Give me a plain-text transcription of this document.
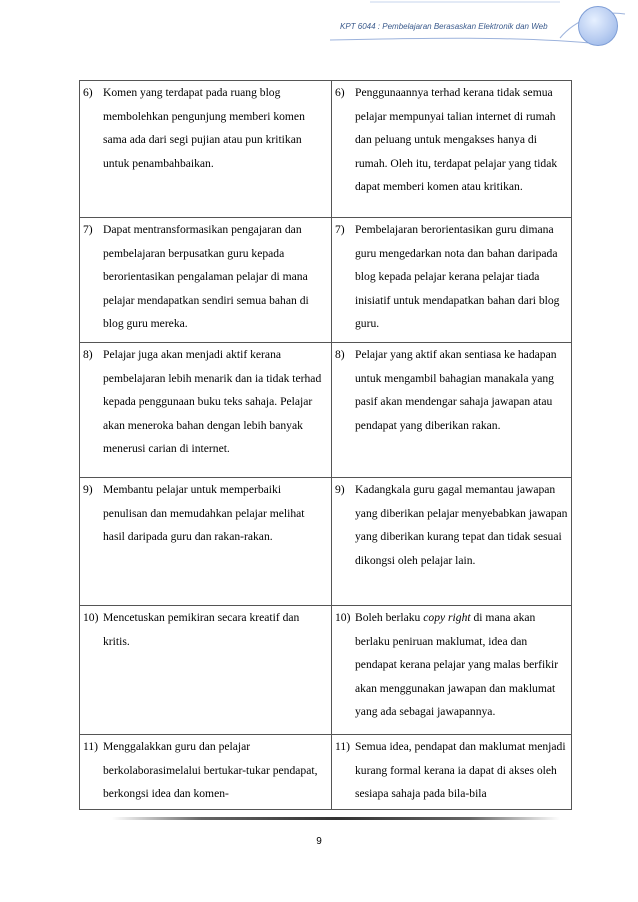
KPT 6044 : Pembelajaran Berasaskan Elektronik dan Web
6) Komen yang terdapat pada ruang blog membolehkan pengunjung memberi komen sama ada dari segi pujian atau pun kritikan untuk penambahbaikan.	6) Penggunaannya terhad kerana tidak semua pelajar mempunyai talian internet di rumah dan peluang untuk mengakses hanya di rumah. Oleh itu, terdapat pelajar yang tidak dapat memberi komen atau kritikan.

7) Dapat mentransformasikan pengajaran dan pembelajaran berpusatkan guru kepada berorientasikan pengalaman pelajar di mana pelajar mendapatkan sendiri semua bahan di blog guru mereka.	7) Pembelajaran berorientasikan guru dimana guru mengedarkan nota dan bahan daripada blog kepada pelajar kerana pelajar tiada inisiatif untuk mendapatkan bahan dari blog guru.

8) Pelajar juga akan menjadi aktif kerana pembelajaran lebih menarik dan ia tidak terhad kepada penggunaan buku teks sahaja. Pelajar akan meneroka bahan dengan lebih banyak menerusi carian di internet.	8) Pelajar yang aktif akan sentiasa ke hadapan untuk mengambil bahagian manakala yang pasif akan mendengar sahaja jawapan atau pendapat yang diberikan rakan.

9) Membantu pelajar untuk memperbaiki penulisan dan memudahkan pelajar melihat hasil daripada guru dan rakan-rakan.	9) Kadangkala guru gagal memantau jawapan yang diberikan pelajar menyebabkan jawapan yang diberikan kurang tepat dan tidak sesuai dikongsi oleh pelajar lain.

10) Mencetuskan pemikiran secara kreatif dan kritis.	10) Boleh berlaku copy right di mana akan berlaku peniruan maklumat, idea dan pendapat kerana pelajar yang malas berfikir akan menggunakan jawapan dan maklumat yang ada sebagai jawapannya.

11) Menggalakkan guru dan pelajar berkolaborasimelalui bertukar-tukar pendapat, berkongsi idea dan komen-	11) Semua idea, pendapat dan maklumat menjadi kurang formal kerana ia dapat di akses oleh sesiapa sahaja pada bila-bila
9
